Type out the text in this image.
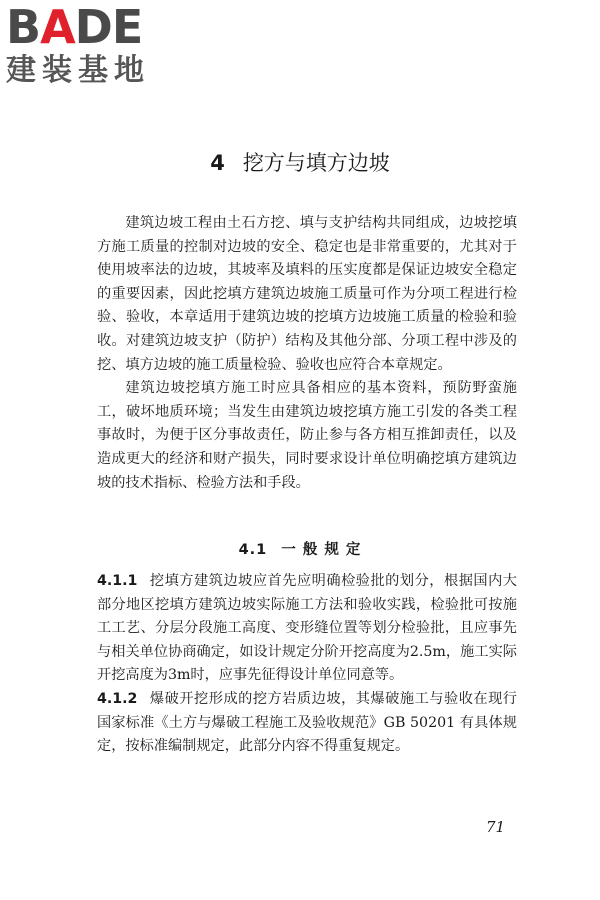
B A DE
建装基地
4 挖方与填方边坡

建筑边坡工程由土石方挖、填与支护结构共同组成，边坡挖填方施工质量的控制对边坡的安全、稳定也是非常重要的，尤其对于使用坡率法的边坡，其坡率及填料的压实度都是保证边坡安全稳定的重要因素，因此挖填方建筑边坡施工质量可作为分项工程进行检验、验收，本章适用于建筑边坡的挖填方边坡施工质量的检验和验收。对建筑边坡支护（防护）结构及其他分部、分项工程中涉及的挖、填方边坡的施工质量检验、验收也应符合本章规定。

建筑边坡挖填方施工时应具备相应的基本资料，预防野蛮施工，破坏地质环境；当发生由建筑边坡挖填方施工引发的各类工程事故时，为便于区分事故责任，防止参与各方相互推卸责任，以及造成更大的经济和财产损失，同时要求设计单位明确挖填方建筑边坡的技术指标、检验方法和手段。

4.1 一 般 规 定

4.1.1 挖填方建筑边坡应首先应明确检验批的划分，根据国内大部分地区挖填方建筑边坡实际施工方法和验收实践，检验批可按施工工艺、分层分段施工高度、变形缝位置等划分检验批，且应事先与相关单位协商确定，如设计规定分阶开挖高度为2.5m，施工实际开挖高度为3m时，应事先征得设计单位同意等。

4.1.2 爆破开挖形成的挖方岩质边坡，其爆破施工与验收在现行国家标准《土方与爆破工程施工及验收规范》GB 50201 有具体规定，按标准编制规定，此部分内容不得重复规定。

71
